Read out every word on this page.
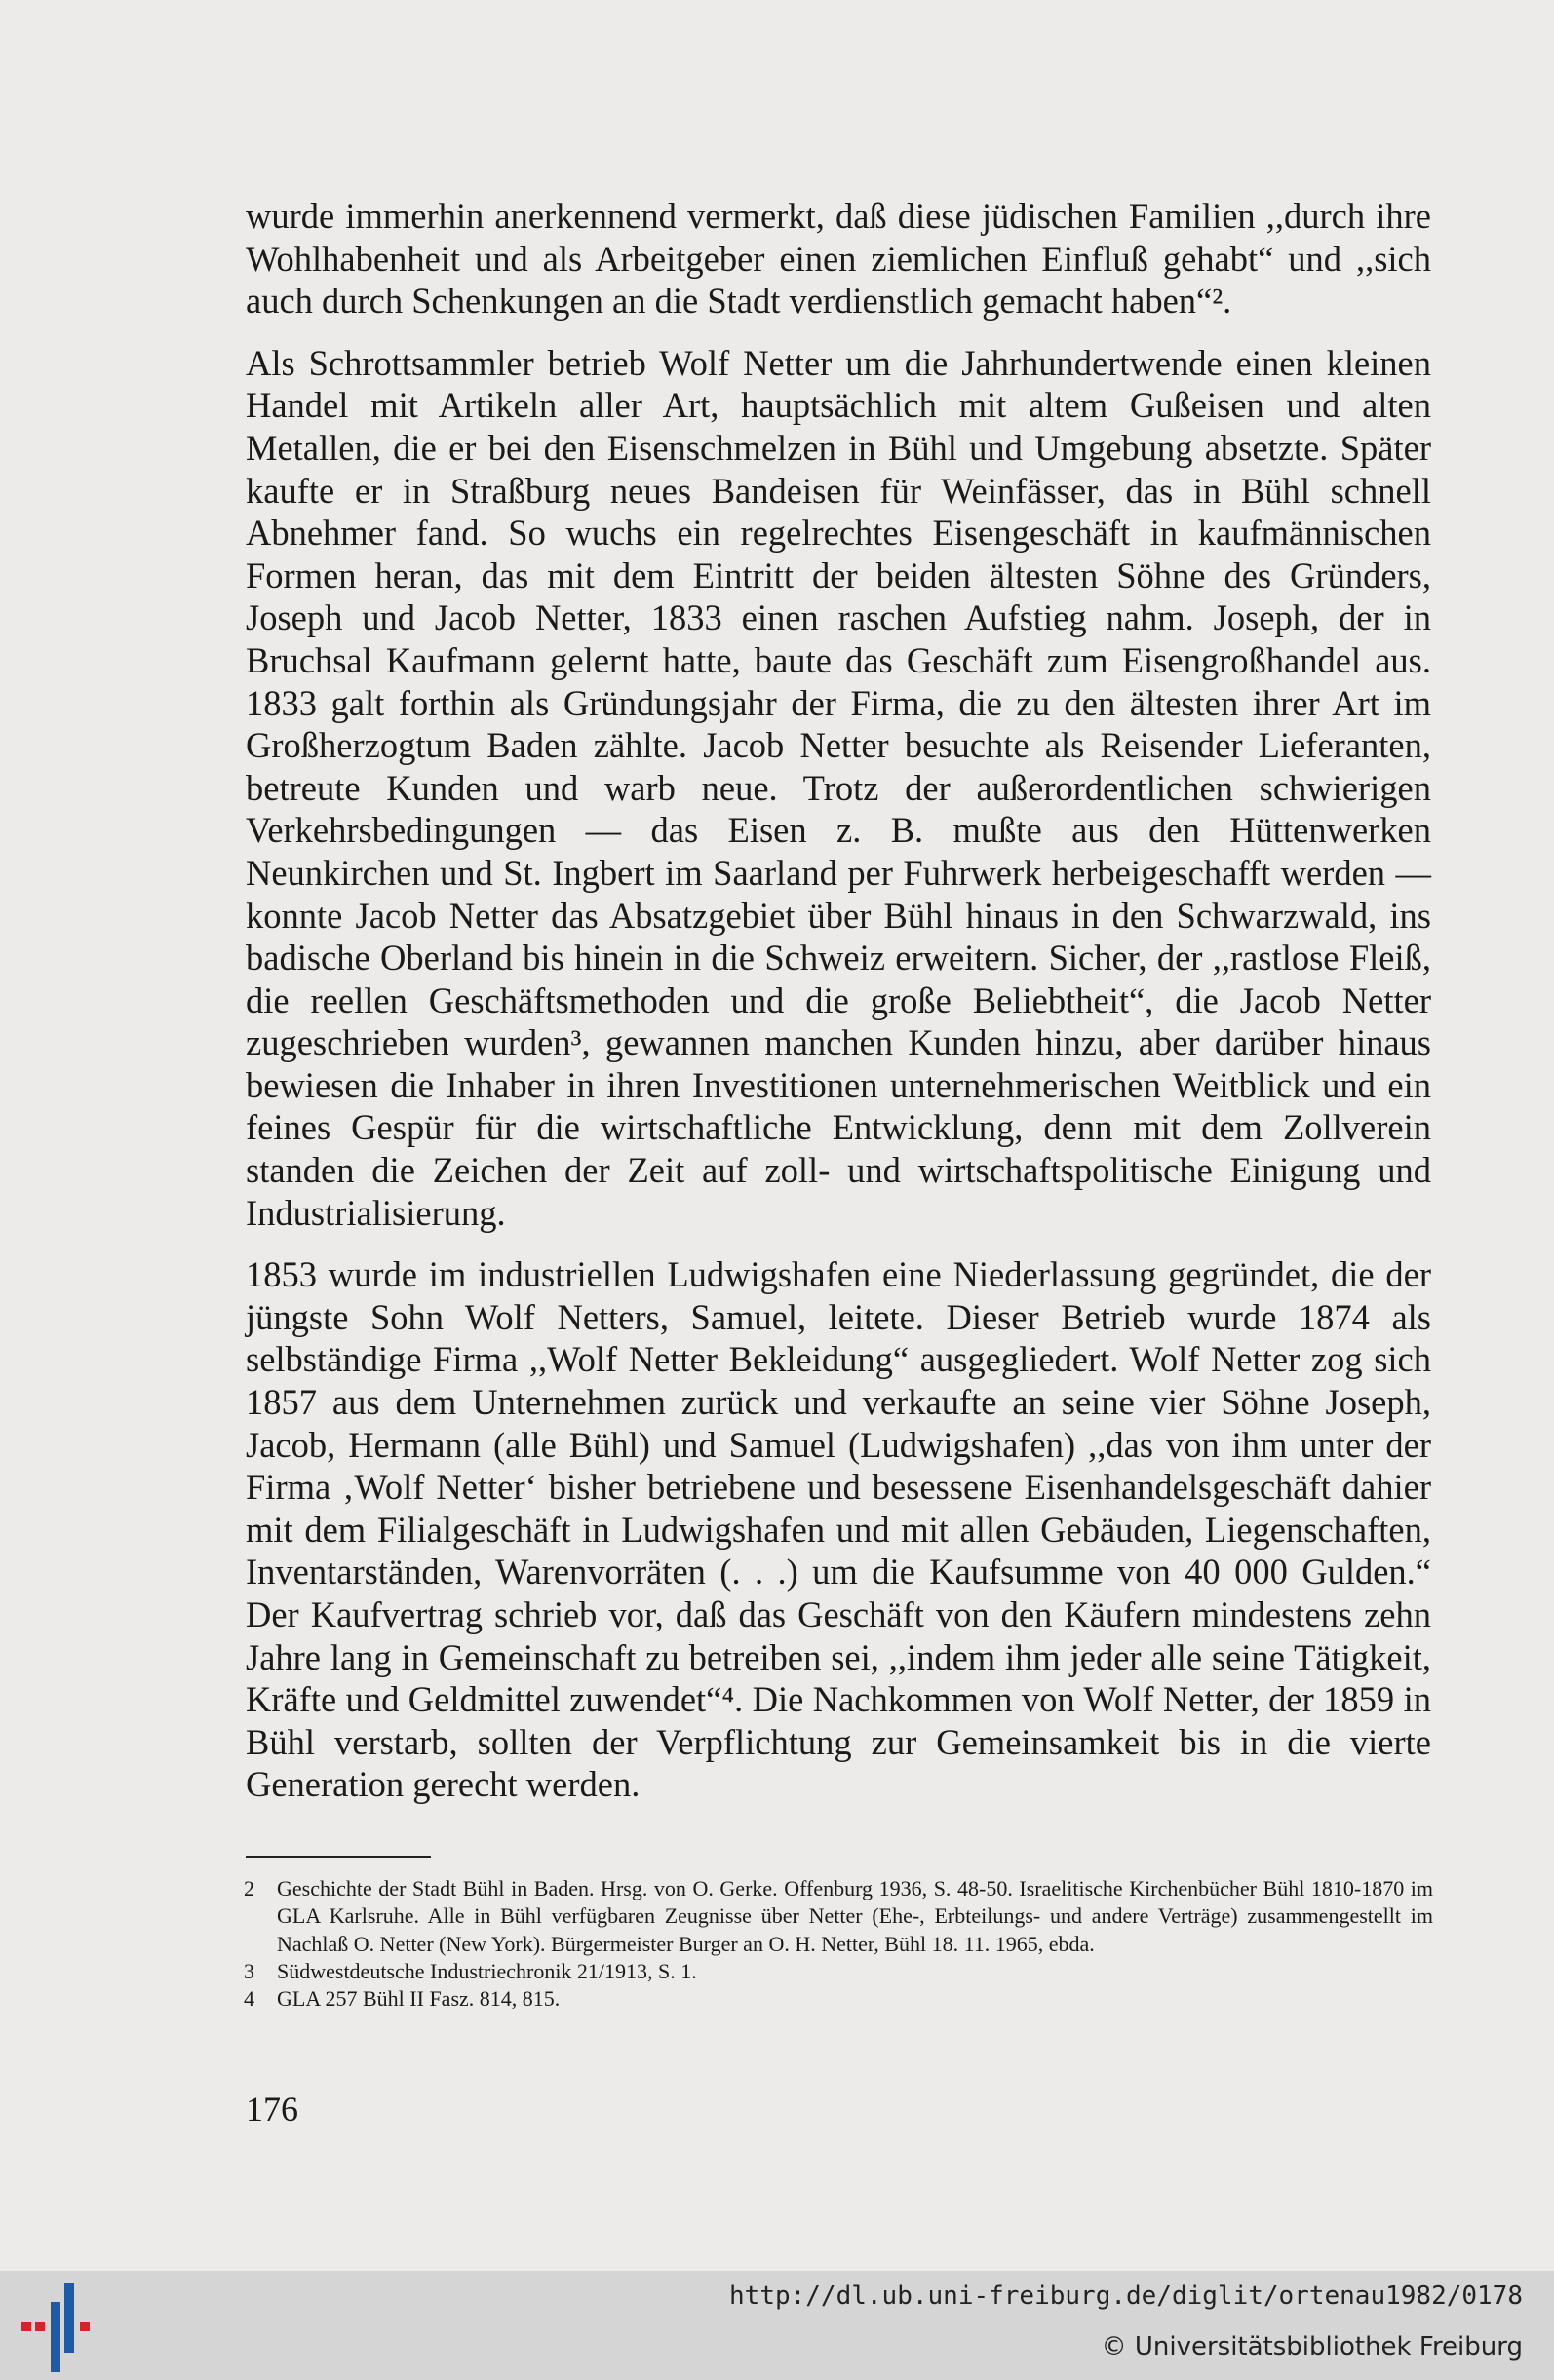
wurde immerhin anerkennend vermerkt, daß diese jüdischen Familien ,,durch ihre Wohlhabenheit und als Arbeitgeber einen ziemlichen Einfluß gehabt“ und ,,sich auch durch Schenkungen an die Stadt verdienstlich gemacht haben“².

Als Schrottsammler betrieb Wolf Netter um die Jahrhundertwende einen kleinen Handel mit Artikeln aller Art, hauptsächlich mit altem Gußeisen und alten Metallen, die er bei den Eisenschmelzen in Bühl und Umgebung absetzte. Später kaufte er in Straßburg neues Bandeisen für Weinfässer, das in Bühl schnell Abnehmer fand. So wuchs ein regelrechtes Eisengeschäft in kaufmännischen Formen heran, das mit dem Eintritt der beiden ältesten Söhne des Gründers, Joseph und Jacob Netter, 1833 einen raschen Aufstieg nahm. Joseph, der in Bruchsal Kaufmann gelernt hatte, baute das Geschäft zum Eisengroßhandel aus. 1833 galt forthin als Gründungsjahr der Firma, die zu den ältesten ihrer Art im Großherzogtum Baden zählte. Jacob Netter besuchte als Reisender Lieferanten, betreute Kunden und warb neue. Trotz der außerordentlichen schwierigen Verkehrsbedingungen — das Eisen z. B. mußte aus den Hüttenwerken Neunkirchen und St. Ingbert im Saarland per Fuhrwerk herbeigeschafft werden — konnte Jacob Netter das Absatzgebiet über Bühl hinaus in den Schwarzwald, ins badische Oberland bis hinein in die Schweiz erweitern. Sicher, der ,,rastlose Fleiß, die reellen Geschäftsmethoden und die große Beliebtheit“, die Jacob Netter zugeschrieben wurden³, gewannen manchen Kunden hinzu, aber darüber hinaus bewiesen die Inhaber in ihren Investitionen unternehmerischen Weitblick und ein feines Gespür für die wirtschaftliche Entwicklung, denn mit dem Zollverein standen die Zeichen der Zeit auf zoll- und wirtschaftspolitische Einigung und Industrialisierung.

1853 wurde im industriellen Ludwigshafen eine Niederlassung gegründet, die der jüngste Sohn Wolf Netters, Samuel, leitete. Dieser Betrieb wurde 1874 als selbständige Firma ,,Wolf Netter Bekleidung“ ausgegliedert. Wolf Netter zog sich 1857 aus dem Unternehmen zurück und verkaufte an seine vier Söhne Joseph, Jacob, Hermann (alle Bühl) und Samuel (Ludwigshafen) ,,das von ihm unter der Firma ‚Wolf Netter‘ bisher betriebene und besessene Eisenhandelsgeschäft dahier mit dem Filialgeschäft in Ludwigshafen und mit allen Gebäuden, Liegenschaften, Inventarständen, Warenvorräten (. . .) um die Kaufsumme von 40 000 Gulden.“ Der Kaufvertrag schrieb vor, daß das Geschäft von den Käufern mindestens zehn Jahre lang in Gemeinschaft zu betreiben sei, ,,indem ihm jeder alle seine Tätigkeit, Kräfte und Geldmittel zuwendet“⁴. Die Nachkommen von Wolf Netter, der 1859 in Bühl verstarb, sollten der Verpflichtung zur Gemeinsamkeit bis in die vierte Generation gerecht werden.

2	Geschichte der Stadt Bühl in Baden. Hrsg. von O. Gerke. Offenburg 1936, S. 48-50. Israelitische Kirchenbücher Bühl 1810-1870 im GLA Karlsruhe. Alle in Bühl verfügbaren Zeugnisse über Netter (Ehe-, Erbteilungs- und andere Verträge) zusammengestellt im Nachlaß O. Netter (New York). Bürgermeister Burger an O. H. Netter, Bühl 18. 11. 1965, ebda.
3	Südwestdeutsche Industriechronik 21/1913, S. 1.
4	GLA 257 Bühl II Fasz. 814, 815.
176
http://dl.ub.uni-freiburg.de/diglit/ortenau1982/0178
© Universitätsbibliothek Freiburg
